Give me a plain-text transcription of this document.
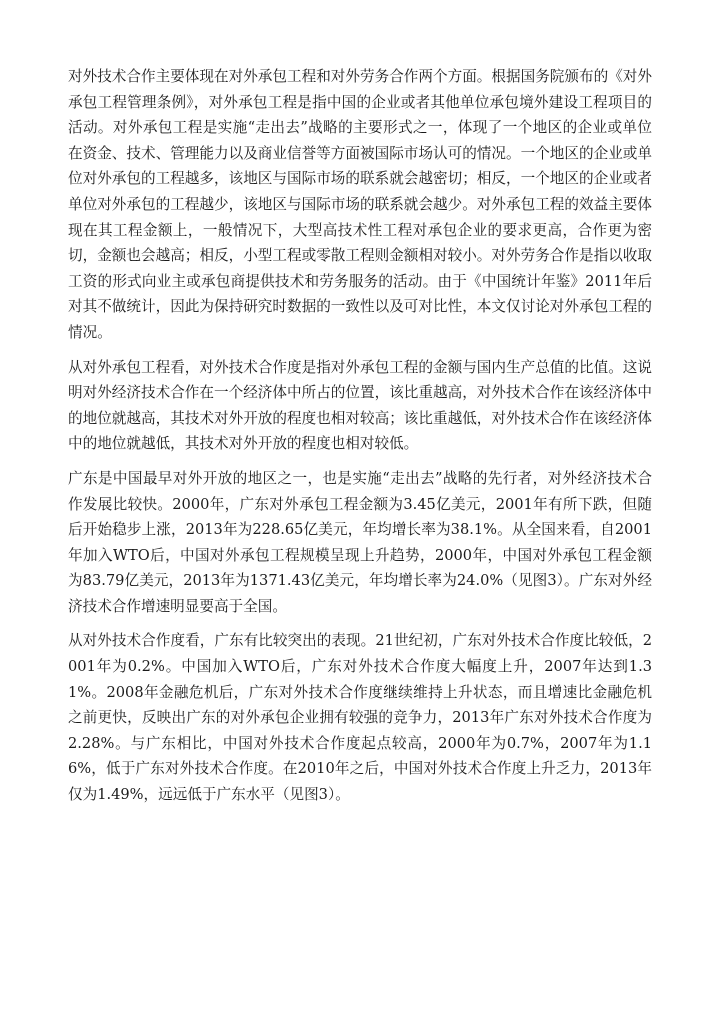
对外技术合作主要体现在对外承包工程和对外劳务合作两个方面。根据国务院颁布的《对外承包工程管理条例》，对外承包工程是指中国的企业或者其他单位承包境外建设工程项目的活动。对外承包工程是实施“走出去”战略的主要形式之一，体现了一个地区的企业或单位在资金、技术、管理能力以及商业信誉等方面被国际市场认可的情况。一个地区的企业或单位对外承包的工程越多，该地区与国际市场的联系就会越密切；相反，一个地区的企业或者单位对外承包的工程越少，该地区与国际市场的联系就会越少。对外承包工程的效益主要体现在其工程金额上，一般情况下，大型高技术性工程对承包企业的要求更高，合作更为密切，金额也会越高；相反，小型工程或零散工程则金额相对较小。对外劳务合作是指以收取工资的形式向业主或承包商提供技术和劳务服务的活动。由于《中国统计年鉴》2011年后对其不做统计，因此为保持研究时数据的一致性以及可对比性，本文仅讨论对外承包工程的情况。

从对外承包工程看，对外技术合作度是指对外承包工程的金额与国内生产总值的比值。这说明对外经济技术合作在一个经济体中所占的位置，该比重越高，对外技术合作在该经济体中的地位就越高，其技术对外开放的程度也相对较高；该比重越低，对外技术合作在该经济体中的地位就越低，其技术对外开放的程度也相对较低。

广东是中国最早对外开放的地区之一，也是实施“走出去”战略的先行者，对外经济技术合作发展比较快。2000年，广东对外承包工程金额为3.45亿美元，2001年有所下跌，但随后开始稳步上涨，2013年为228.65亿美元，年均增长率为38.1%。从全国来看，自2001年加入WTO后，中国对外承包工程规模呈现上升趋势，2000年，中国对外承包工程金额为83.79亿美元，2013年为1371.43亿美元，年均增长率为24.0%（见图3）。广东对外经济技术合作增速明显要高于全国。

从对外技术合作度看，广东有比较突出的表现。21世纪初，广东对外技术合作度比较低，2001年为0.2%。中国加入WTO后，广东对外技术合作度大幅度上升，2007年达到1.31%。2008年金融危机后，广东对外技术合作度继续维持上升状态，而且增速比金融危机之前更快，反映出广东的对外承包企业拥有较强的竞争力，2013年广东对外技术合作度为2.28%。与广东相比，中国对外技术合作度起点较高，2000年为0.7%，2007年为1.16%，低于广东对外技术合作度。在2010年之后，中国对外技术合作度上升乏力，2013年仅为1.49%，远远低于广东水平（见图3）。
